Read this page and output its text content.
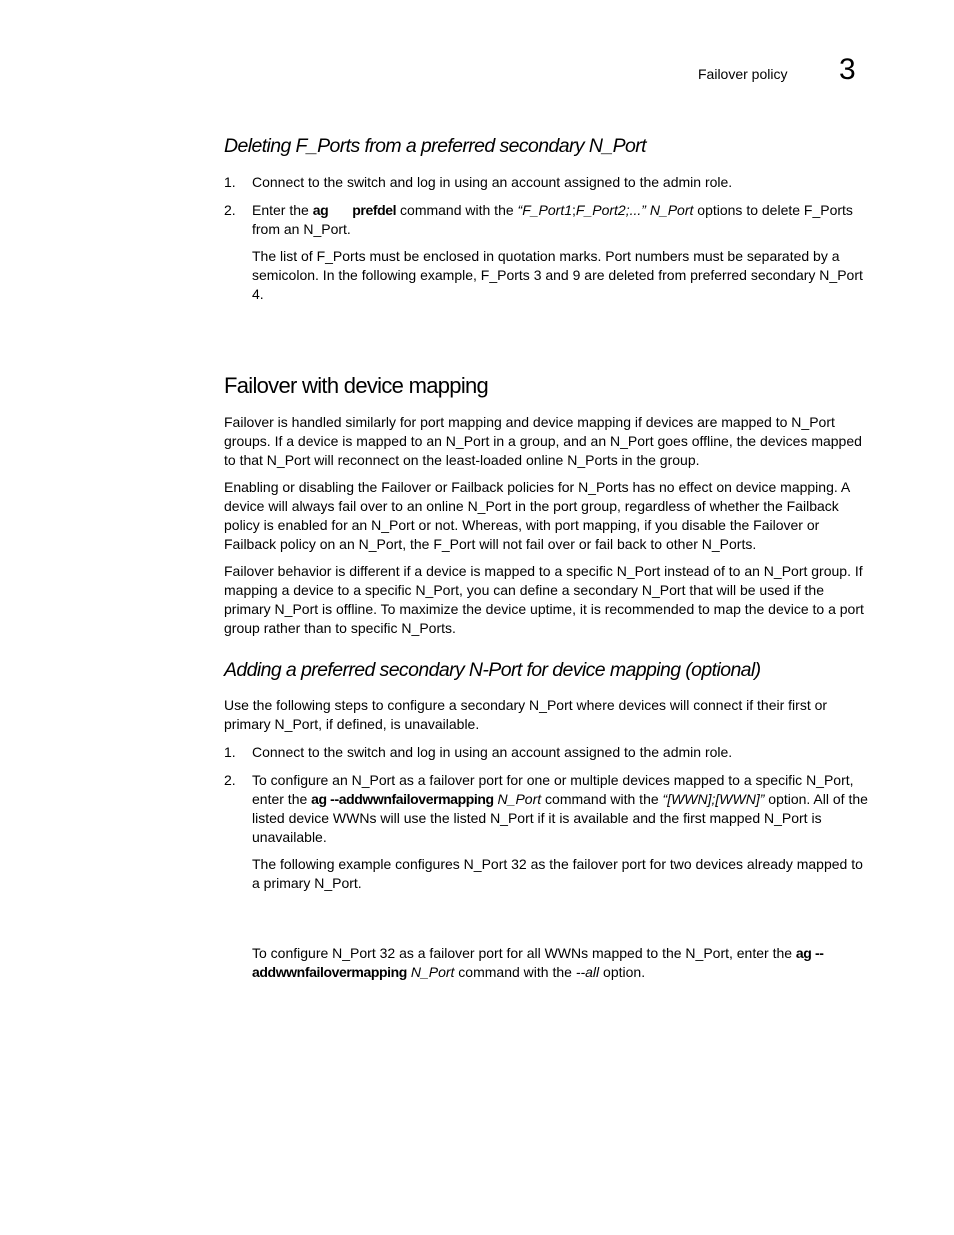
Failover policy 3
Deleting F_Ports from a preferred secondary N_Port
1. Connect to the switch and log in using an account assigned to the admin role.
2. Enter the ag prefdel command with the “F_Port1;F_Port2;...” N_Port options to delete F_Ports from an N_Port.
The list of F_Ports must be enclosed in quotation marks. Port numbers must be separated by a semicolon. In the following example, F_Ports 3 and 9 are deleted from preferred secondary N_Port 4.
Failover with device mapping
Failover is handled similarly for port mapping and device mapping if devices are mapped to N_Port groups. If a device is mapped to an N_Port in a group, and an N_Port goes offline, the devices mapped to that N_Port will reconnect on the least-loaded online N_Ports in the group.
Enabling or disabling the Failover or Failback policies for N_Ports has no effect on device mapping. A device will always fail over to an online N_Port in the port group, regardless of whether the Failback policy is enabled for an N_Port or not. Whereas, with port mapping, if you disable the Failover or Failback policy on an N_Port, the F_Port will not fail over or fail back to other N_Ports.
Failover behavior is different if a device is mapped to a specific N_Port instead of to an N_Port group. If mapping a device to a specific N_Port, you can define a secondary N_Port that will be used if the primary N_Port is offline. To maximize the device uptime, it is recommended to map the device to a port group rather than to specific N_Ports.
Adding a preferred secondary N-Port for device mapping (optional)
Use the following steps to configure a secondary N_Port where devices will connect if their first or primary N_Port, if defined, is unavailable.
1. Connect to the switch and log in using an account assigned to the admin role.
2. To configure an N_Port as a failover port for one or multiple devices mapped to a specific N_Port, enter the ag --addwwnfailovermapping N_Port command with the “[WWN];[WWN]” option. All of the listed device WWNs will use the listed N_Port if it is available and the first mapped N_Port is unavailable.
The following example configures N_Port 32 as the failover port for two devices already mapped to a primary N_Port.
To configure N_Port 32 as a failover port for all WWNs mapped to the N_Port, enter the ag --addwwnfailovermapping N_Port command with the --all option.
